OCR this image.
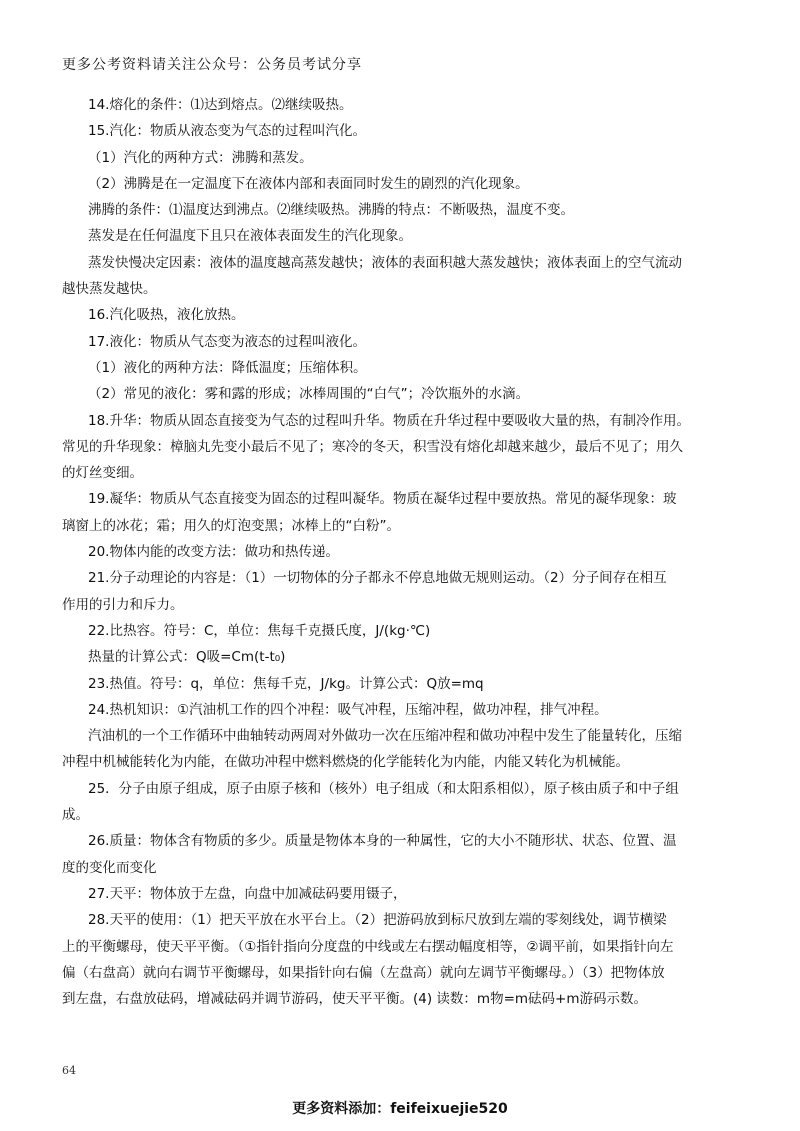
更多公考资料请关注公众号：公务员考试分享
14.熔化的条件：⑴达到熔点。⑵继续吸热。
15.汽化：物质从液态变为气态的过程叫汽化。
（1）汽化的两种方式：沸腾和蒸发。
（2）沸腾是在一定温度下在液体内部和表面同时发生的剧烈的汽化现象。
沸腾的条件：⑴温度达到沸点。⑵继续吸热。沸腾的特点：不断吸热，温度不变。
蒸发是在任何温度下且只在液体表面发生的汽化现象。
蒸发快慢决定因素：液体的温度越高蒸发越快；液体的表面积越大蒸发越快；液体表面上的空气流动
越快蒸发越快。
16.汽化吸热，液化放热。
17.液化：物质从气态变为液态的过程叫液化。
（1）液化的两种方法：降低温度；压缩体积。
（2）常见的液化：雾和露的形成；冰棒周围的“白气”；冷饮瓶外的水滴。
18.升华：物质从固态直接变为气态的过程叫升华。物质在升华过程中要吸收大量的热，有制冷作用。
常见的升华现象：樟脑丸先变小最后不见了；寒冷的冬天，积雪没有熔化却越来越少，最后不见了；用久
的灯丝变细。
19.凝华：物质从气态直接变为固态的过程叫凝华。物质在凝华过程中要放热。常见的凝华现象：玻
璃窗上的冰花；霜；用久的灯泡变黑；冰棒上的“白粉”。
20.物体内能的改变方法：做功和热传递。
21.分子动理论的内容是：（1）一切物体的分子都永不停息地做无规则运动。（2）分子间存在相互
作用的引力和斥力。
22.比热容。符号：C，单位：焦每千克摄氏度，J/(kg·℃)
热量的计算公式：Q吸=Cm(t-t₀)
23.热值。符号：q，单位：焦每千克，J/kg。计算公式：Q放=mq
24.热机知识：①汽油机工作的四个冲程：吸气冲程，压缩冲程，做功冲程，排气冲程。
汽油机的一个工作循环中曲轴转动两周对外做功一次在压缩冲程和做功冲程中发生了能量转化，压缩
冲程中机械能转化为内能，在做功冲程中燃料燃烧的化学能转化为内能，内能又转化为机械能。
25．分子由原子组成，原子由原子核和（核外）电子组成（和太阳系相似），原子核由质子和中子组
成。
26.质量：物体含有物质的多少。质量是物体本身的一种属性，它的大小不随形状、状态、位置、温
度的变化而变化
27.天平：物体放于左盘，向盘中加减砝码要用镊子，
28.天平的使用：（1）把天平放在水平台上。（2）把游码放到标尺放到左端的零刻线处，调节横梁
上的平衡螺母，使天平平衡。（①指针指向分度盘的中线或左右摆动幅度相等，②调平前，如果指针向左
偏（右盘高）就向右调节平衡螺母，如果指针向右偏（左盘高）就向左调节平衡螺母。）（3）把物体放
到左盘，右盘放砝码，增减砝码并调节游码，使天平平衡。(4) 读数：m物=m砝码+m游码示数。
64
更多资料添加：feifeixuejie520
